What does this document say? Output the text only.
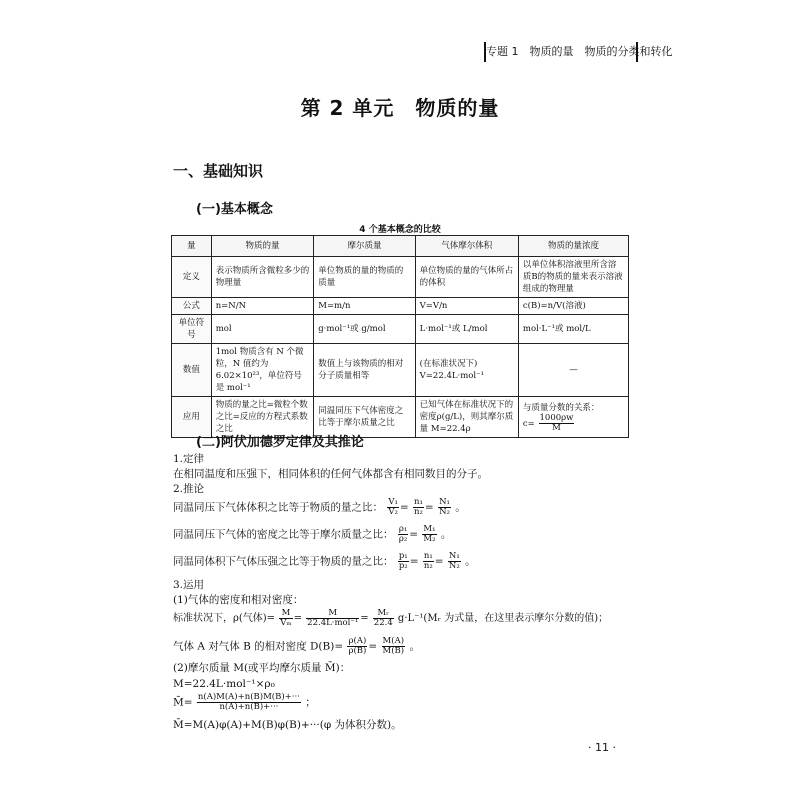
专题 1　物质的量　物质的分类和转化
第 2 单元　物质的量
一、基础知识
(一)基本概念
4 个基本概念的比较
量	物质的量	摩尔质量	气体摩尔体积	物质的量浓度
定义	表示物质所含微粒多少的物理量	单位物质的量的物质的质量	单位物质的量的气体所占的体积	以单位体积溶液里所含溶质B的物质的量来表示溶液组成的物理量
公式	n=N/N	M=m/n	V=V/n	c(B)=n/V(溶液)
单位符号	mol	g·mol⁻¹或 g/mol	L·mol⁻¹或 L/mol	mol·L⁻¹或 mol/L
数值	1mol 物质含有 N 个微粒，N 值约为 6.02×10²³，单位符号是 mol⁻¹	数值上与该物质的相对分子质量相等	(在标准状况下) V=22.4L·mol⁻¹	—
应用	物质的量之比=微粒个数之比=反应的方程式系数之比	同温同压下气体密度之比等于摩尔质量之比	已知气体在标准状况下的密度ρ(g/L)，则其摩尔质量 M=22.4ρ	与质量分数的关系：
$c= \frac{1000\rho w}{M}$
(二)阿伏加德罗定律及其推论
1.定律
在相同温度和压强下，相同体积的任何气体都含有相同数目的分子。
2.推论
同温同压下气体体积之比等于物质的量之比： $\frac{\text{V₁}}{\text{V₂}} = \frac{\text{n₁}}{\text{n₂}} = \frac{\text{N₁}}{\text{N₂}}$ 。
同温同压下气体的密度之比等于摩尔质量之比： $\frac{\text{ρ₁}}{\text{ρ₂}} = \frac{\text{M₁}}{\text{M₂}}$ 。
同温同体积下气体压强之比等于物质的量之比： $\frac{\text{p₁}}{\text{p₂}} = \frac{\text{n₁}}{\text{n₂}} = \frac{\text{N₁}}{\text{N₂}}$ 。
3.运用
(1)气体的密度和相对密度：
标准状况下，ρ(气体)= $\frac{M}{\text{Vₘ}} = \frac{M}{\text{22.4L·mol⁻¹}} = \frac{\text{Mᵣ}}{22.4}$ g·L⁻¹(Mᵣ 为式量，在这里表示摩尔分数的值)；
气体 A 对气体 B 的相对密度 $D(B)= \frac{\rho(A)}{\rho(B)} = \frac{M(A)}{M(B)}$ 。
(2)摩尔质量 M(或平均摩尔质量 M̄)：
M=22.4L·mol⁻¹×ρ₀
M̄= $\frac{n(A)M(A)+n(B)M(B)+\cdot\cdot\cdot}{n(A)+n(B)+\cdot\cdot\cdot}$ ；
M̄=M(A)φ(A)+M(B)φ(B)+···(φ 为体积分数)。
· 11 ·
